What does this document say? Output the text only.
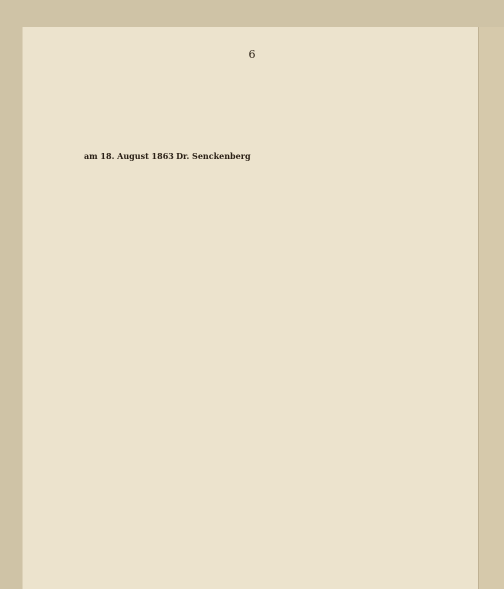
6

am 18. August 1863 Dr. Senckenberg
